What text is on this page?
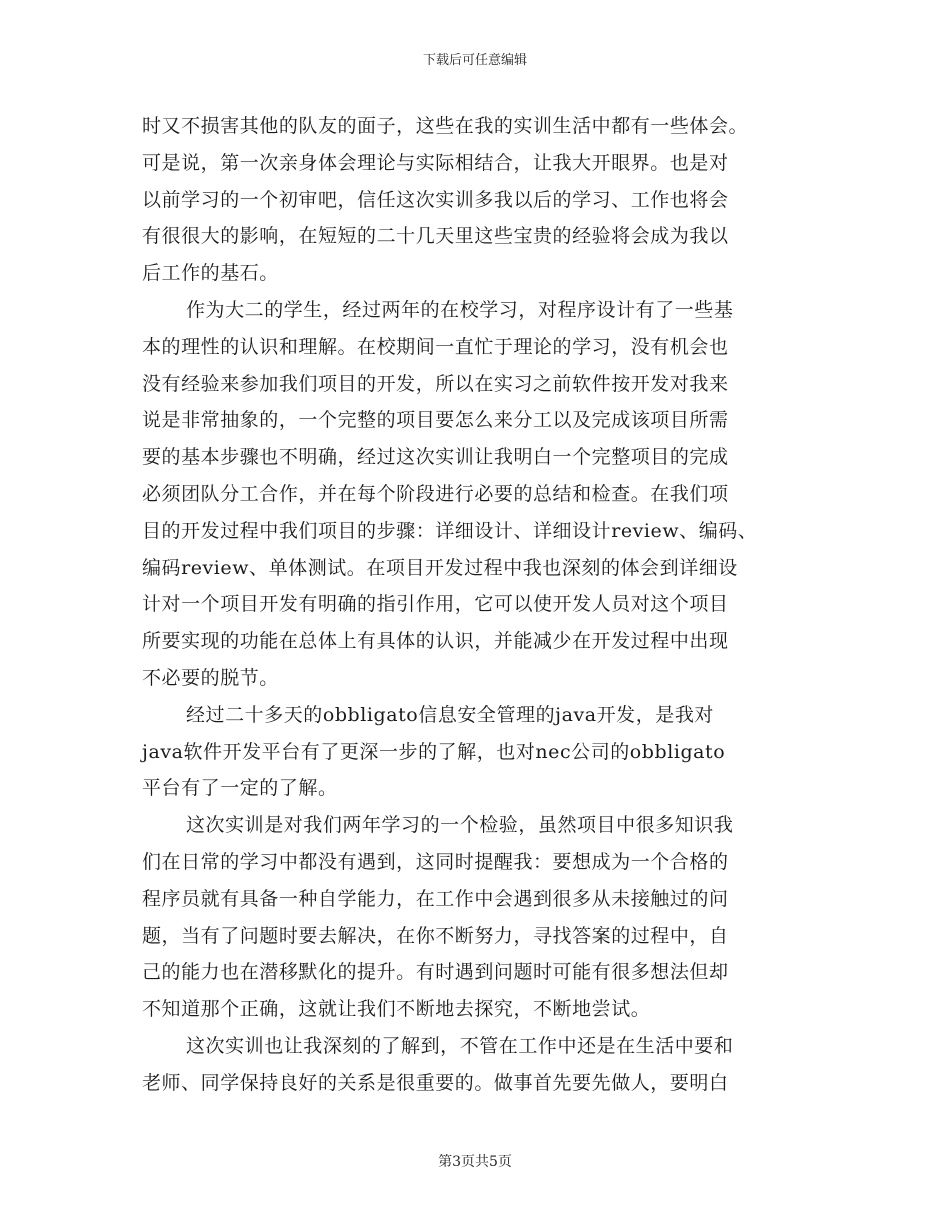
下载后可任意编辑
时又不损害其他的队友的面子，这些在我的实训生活中都有一些体会。
可是说，第一次亲身体会理论与实际相结合，让我大开眼界。也是对
以前学习的一个初审吧，信任这次实训多我以后的学习、工作也将会
有很很大的影响，在短短的二十几天里这些宝贵的经验将会成为我以
后工作的基石。
作为大二的学生，经过两年的在校学习，对程序设计有了一些基
本的理性的认识和理解。在校期间一直忙于理论的学习，没有机会也
没有经验来参加我们项目的开发，所以在实习之前软件按开发对我来
说是非常抽象的，一个完整的项目要怎么来分工以及完成该项目所需
要的基本步骤也不明确，经过这次实训让我明白一个完整项目的完成
必须团队分工合作，并在每个阶段进行必要的总结和检查。在我们项
目的开发过程中我们项目的步骤：详细设计、详细设计review、编码、
编码review、单体测试。在项目开发过程中我也深刻的体会到详细设
计对一个项目开发有明确的指引作用，它可以使开发人员对这个项目
所要实现的功能在总体上有具体的认识，并能减少在开发过程中出现
不必要的脱节。
经过二十多天的obbligato信息安全管理的java开发，是我对
java软件开发平台有了更深一步的了解，也对nec公司的obbligato
平台有了一定的了解。
这次实训是对我们两年学习的一个检验，虽然项目中很多知识我
们在日常的学习中都没有遇到，这同时提醒我：要想成为一个合格的
程序员就有具备一种自学能力，在工作中会遇到很多从未接触过的问
题，当有了问题时要去解决，在你不断努力，寻找答案的过程中，自
己的能力也在潜移默化的提升。有时遇到问题时可能有很多想法但却
不知道那个正确，这就让我们不断地去探究，不断地尝试。
这次实训也让我深刻的了解到，不管在工作中还是在生活中要和
老师、同学保持良好的关系是很重要的。做事首先要先做人，要明白
第3页共5页
